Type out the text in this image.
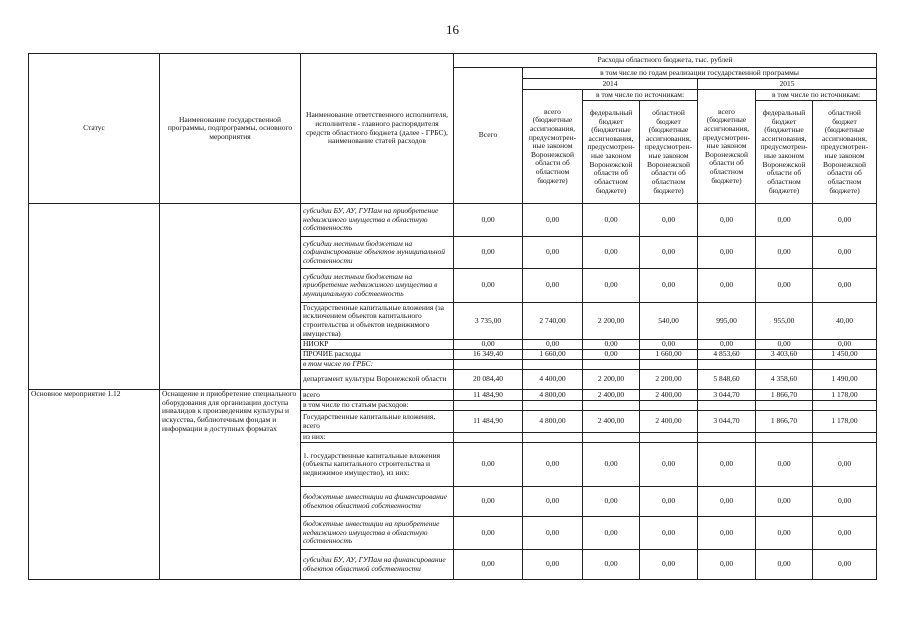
16
Статус	Наименование государственной программы, подпрограммы, основного мероприятия	Наименование ответственного исполнителя, исполнителя - главного распорядителя средств областного бюджета (далее - ГРБС), наименование статей расходов	Расходы областного бюджета, тыс. рублей						
			Всего	в том числе по годам реализации государственной программы					
				2014			2015		
				всего (бюджетные ассигнования, предусмотрен-ные законом Воронежской области об областном бюджете)	в том числе по источникам:		всего (бюджетные ассигнования, предусмотрен-ные законом Воронежской области об областном бюджете)	в том числе по источникам:	
					федеральный бюджет (бюджетные ассигнования, предусмотрен-ные законом Воронежской области об областном бюджете)	областной бюджет (бюджетные ассигнования, предусмотрен-ные законом Воронежской области об областном бюджете)		федеральный бюджет (бюджетные ассигнования, предусмотрен-ные законом Воронежской области об областном бюджете)	областной бюджет (бюджетные ассигнования, предусмотрен-ные законом Воронежской области об областном бюджете)
		субсидии БУ, АУ, ГУПам на приобретение недвижимого имущества в областную собственность	0,00	0,00	0,00	0,00	0,00	0,00	0,00
		субсидии местным бюджетам на софинансирование объектов муниципальной собственности	0,00	0,00	0,00	0,00	0,00	0,00	0,00
		субсидии местным бюджетам на приобретение недвижимого имущества в муниципальную собственность	0,00	0,00	0,00	0,00	0,00	0,00	0,00
		Государственные капитальные вложения (за исключением объектов капитального строительства и объектов недвижимого имущества)	3 735,00	2 740,00	2 200,00	540,00	995,00	955,00	40,00
		НИОКР	0,00	0,00	0,00	0,00	0,00	0,00	0,00
		ПРОЧИЕ расходы	16 349,40	1 660,00	0,00	1 660,00	4 853,60	3 403,60	1 450,00
		в том числе по ГРБС:							
		департамент культуры Воронежской области	20 084,40	4 400,00	2 200,00	2 200,00	5 848,60	4 358,60	1 490,00
Основное мероприятие 1.12	Оснащение и приобретение специального оборудования для организации доступа инвалидов к произведениям культуры и искусства, библиотечным фондам и информации в доступных форматах	всего	11 484,90	4 800,00	2 400,00	2 400,00	3 044,70	1 866,70	1 178,00
		в том числе по статьям расходов:							
		Государственные капитальные вложения, всего	11 484,90	4 800,00	2 400,00	2 400,00	3 044,70	1 866,70	1 178,00
		из них:							
		1. государственные капитальные вложения (объекты капитального строительства и недвижимое имущество), из них:	0,00	0,00	0,00	0,00	0,00	0,00	0,00
		бюджетные инвестиции на финансирование объектов областной собственности	0,00	0,00	0,00	0,00	0,00	0,00	0,00
		бюджетные инвестиции на приобретение недвижимого имущества в областную собственность	0,00	0,00	0,00	0,00	0,00	0,00	0,00
		субсидии БУ, АУ, ГУПам на финансирование объектов областной собственности	0,00	0,00	0,00	0,00	0,00	0,00	0,00
